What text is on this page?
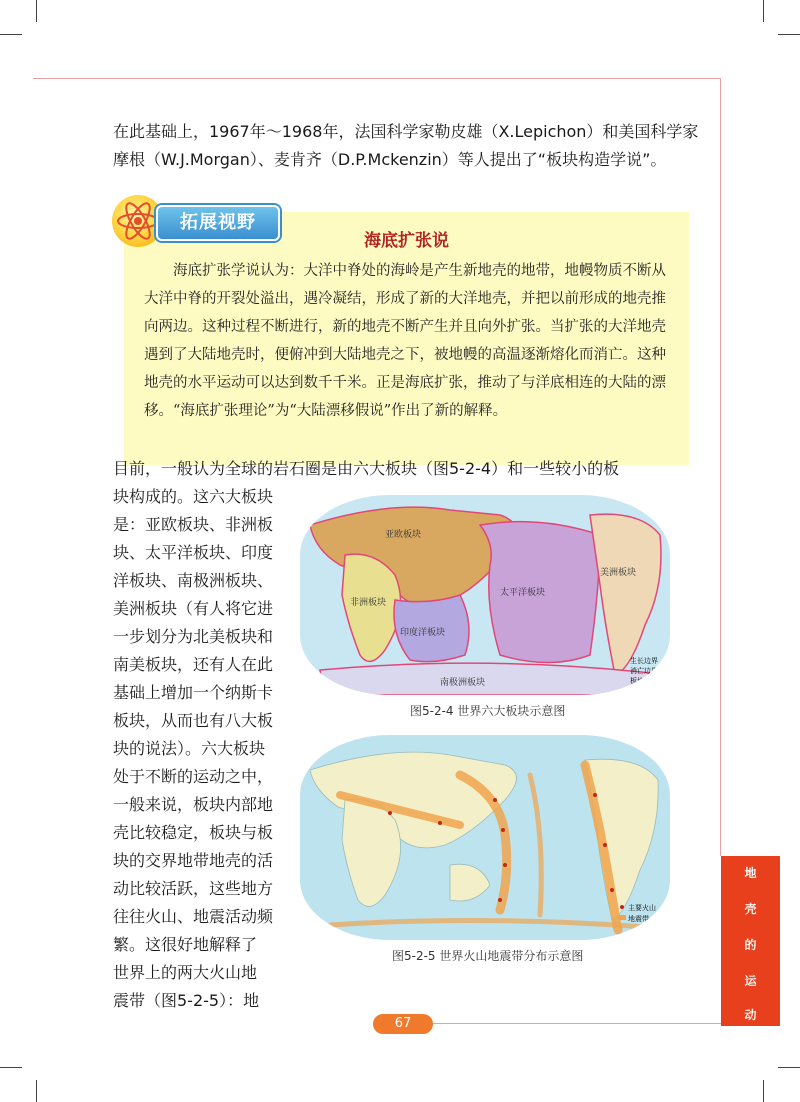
在此基础上，1967年～1968年，法国科学家勒皮雄（X.Lepichon）和美国科学家

摩根（W.J.Morgan）、麦肯齐（D.P.Mckenzin）等人提出了“板块构造学说”。

海底扩张说

海底扩张学说认为：大洋中脊处的海岭是产生新地壳的地带，地幔物质不断从大洋中脊的开裂处溢出，遇冷凝结，形成了新的大洋地壳，并把以前形成的地壳推向两边。这种过程不断进行，新的地壳不断产生并且向外扩张。当扩张的大洋地壳遇到了大陆地壳时，便俯冲到大陆地壳之下，被地幔的高温逐渐熔化而消亡。这种地壳的水平运动可以达到数千千米。正是海底扩张，推动了与洋底相连的大陆的漂移。“海底扩张理论”为“大陆漂移假说”作出了新的解释。

拓展视野

目前，一般认为全球的岩石圈是由六大板块（图5-2-4）和一些较小的板

块构成的。这六大板块

是：亚欧板块、非洲板

块、太平洋板块、印度

洋板块、南极洲板块、

美洲板块（有人将它进

一步划分为北美板块和

南美板块，还有人在此

基础上增加一个纳斯卡

板块，从而也有八大板

块的说法）。六大板块

处于不断的运动之中，

一般来说，板块内部地

壳比较稳定，板块与板

块的交界地带地壳的活

动比较活跃，这些地方

往往火山、地震活动频

繁。这很好地解释了

世界上的两大火山地

震带（图5-2-5）：地

亚欧板块
非洲板块
印度洋板块
太平洋板块
美洲板块
南极洲板块
生长边界
消亡边界
板块界线
图5-2-4 世界六大板块示意图
主要火山
地震带
图5-2-5 世界火山地震带分布示意图
地
壳
的
运
动
67
